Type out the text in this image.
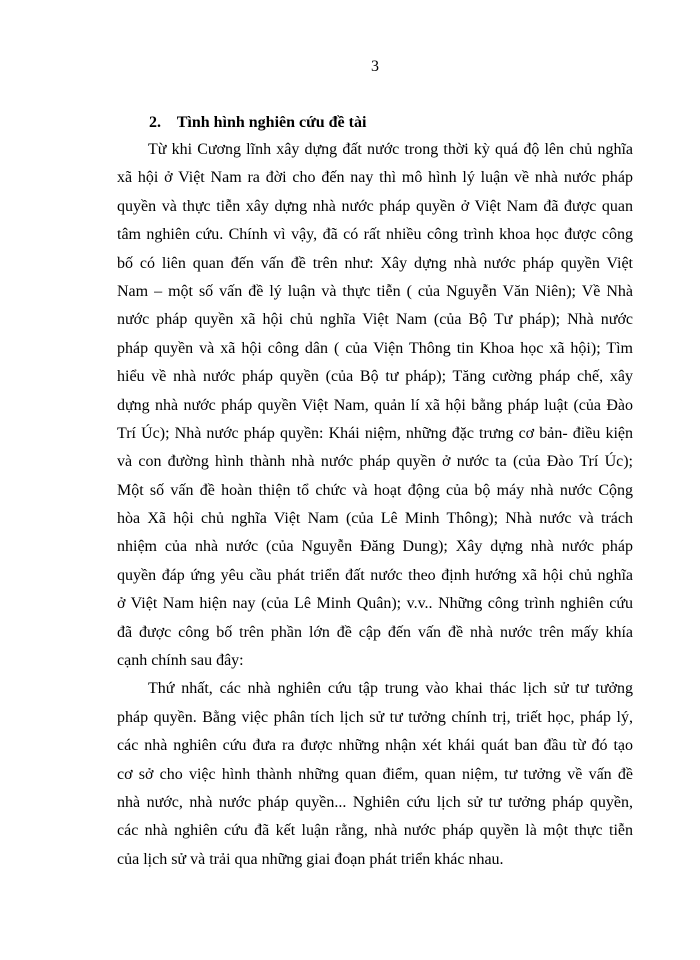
3
2. Tình hình nghiên cứu đề tài
Từ khi Cương lĩnh xây dựng đất nước trong thời kỳ quá độ lên chủ nghĩa
xã hội ở Việt Nam ra đời cho đến nay thì mô hình lý luận về nhà nước pháp
quyền và thực tiễn xây dựng nhà nước pháp quyền ở Việt Nam đã được quan
tâm nghiên cứu. Chính vì vậy, đã có rất nhiều công trình khoa học được công
bố có liên quan đến vấn đề trên như: Xây dựng nhà nước pháp quyền Việt
Nam – một số vấn đề lý luận và thực tiễn ( của Nguyễn Văn Niên); Về Nhà
nước pháp quyền xã hội chủ nghĩa Việt Nam (của Bộ Tư pháp); Nhà nước
pháp quyền và xã hội công dân ( của Viện Thông tin Khoa học xã hội); Tìm
hiểu về nhà nước pháp quyền (của Bộ tư pháp); Tăng cường pháp chế, xây
dựng nhà nước pháp quyền Việt Nam, quản lí xã hội bằng pháp luật (của Đào
Trí Úc); Nhà nước pháp quyền: Khái niệm, những đặc trưng cơ bản- điều kiện
và con đường hình thành nhà nước pháp quyền ở nước ta (của Đào Trí Úc);
Một số vấn đề hoàn thiện tổ chức và hoạt động của bộ máy nhà nước Cộng
hòa Xã hội chủ nghĩa Việt Nam (của Lê Minh Thông); Nhà nước và trách
nhiệm của nhà nước (của Nguyễn Đăng Dung); Xây dựng nhà nước pháp
quyền đáp ứng yêu cầu phát triển đất nước theo định hướng xã hội chủ nghĩa
ở Việt Nam hiện nay (của Lê Minh Quân); v.v.. Những công trình nghiên cứu
đã được công bố trên phần lớn đề cập đến vấn đề nhà nước trên mấy khía
cạnh chính sau đây:
Thứ nhất, các nhà nghiên cứu tập trung vào khai thác lịch sử tư tưởng
pháp quyền. Bằng việc phân tích lịch sử tư tưởng chính trị, triết học, pháp lý,
các nhà nghiên cứu đưa ra được những nhận xét khái quát ban đầu từ đó tạo
cơ sở cho việc hình thành những quan điểm, quan niệm, tư tưởng về vấn đề
nhà nước, nhà nước pháp quyền... Nghiên cứu lịch sử tư tưởng pháp quyền,
các nhà nghiên cứu đã kết luận rằng, nhà nước pháp quyền là một thực tiễn
của lịch sử và trải qua những giai đoạn phát triển khác nhau.
